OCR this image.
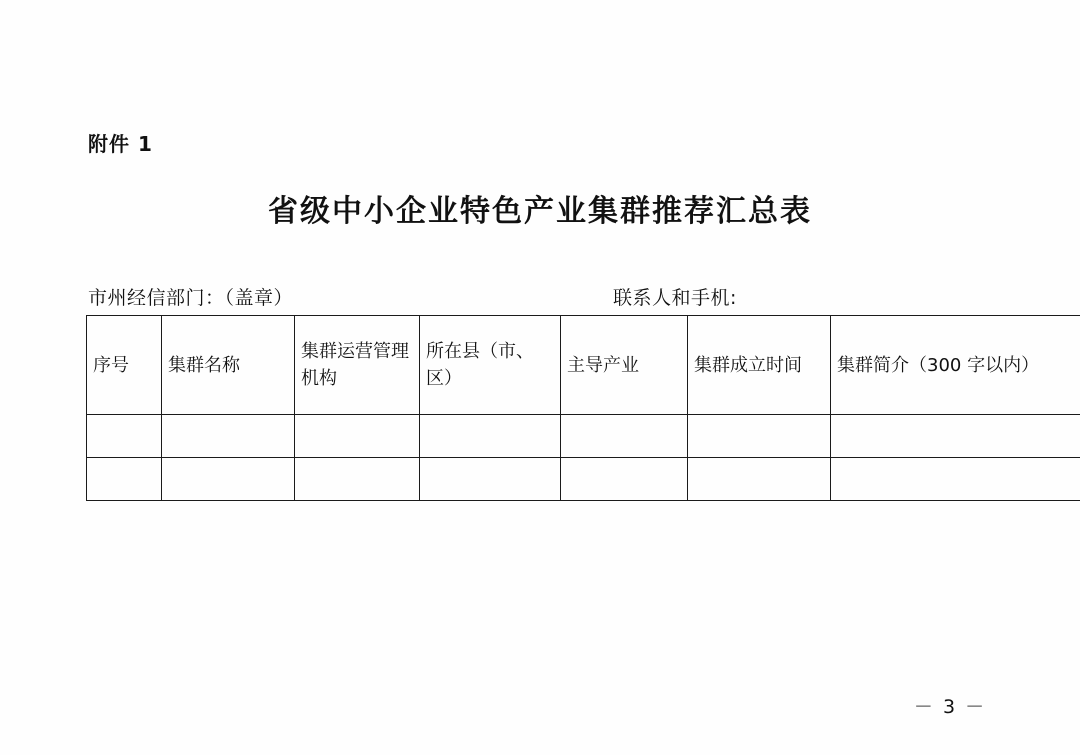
附件 1
省级中小企业特色产业集群推荐汇总表
市州经信部门：（盖章）	联系人和手机:
序号	集群名称	集群运营管理机构	所在县（市、区）	主导产业	集群成立时间	集群简介（300 字以内）

－ 3 －
